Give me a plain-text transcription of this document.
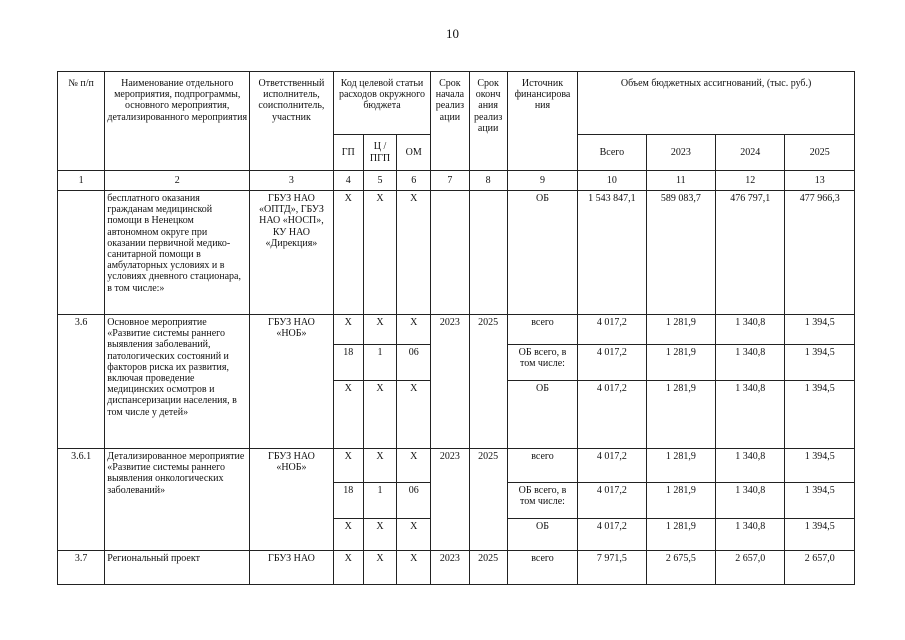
10
№ п/п	Наименование отдельного мероприятия, подпрограммы, основного мероприятия, детализированного мероприятия	Ответственный исполнитель, соисполнитель, участник	Код целевой статьи расходов окружного бюджета			Срок начала реализ ации	Срок оконч ания реализ ации	Источник финансирова ния	Объем бюджетных ассигнований, (тыс. руб.)			
			ГП	Ц / ПГП	ОМ				Всего	2023	2024	2025
1	2	3	4	5	6	7	8	9	10	11	12	13
	бесплатного оказания гражданам медицинской помощи в Ненецком автономном округе при оказании первичной медико-санитарной помощи в амбулаторных условиях и в условиях дневного стационара, в том числе:»	ГБУЗ НАО «ОПТД», ГБУЗ НАО «НОСП», КУ НАО «Дирекция»	Х	Х	Х			ОБ	1 543 847,1	589 083,7	476 797,1	477 966,3
3.6	Основное мероприятие «Развитие системы раннего выявления заболеваний, патологических состояний и факторов риска их развития, включая проведение медицинских осмотров и диспансеризации населения, в том числе у детей»	ГБУЗ НАО «НОБ»	Х	Х	Х	2023	2025	всего	4 017,2	1 281,9	1 340,8	1 394,5
			18	1	06			ОБ всего, в том числе:	4 017,2	1 281,9	1 340,8	1 394,5
			Х	Х	Х			ОБ	4 017,2	1 281,9	1 340,8	1 394,5
3.6.1	Детализированное мероприятие «Развитие системы раннего выявления онкологических заболеваний»	ГБУЗ НАО «НОБ»	Х	Х	Х	2023	2025	всего	4 017,2	1 281,9	1 340,8	1 394,5
			18	1	06			ОБ всего, в том числе:	4 017,2	1 281,9	1 340,8	1 394,5
			Х	Х	Х			ОБ	4 017,2	1 281,9	1 340,8	1 394,5
3.7	Региональный проект	ГБУЗ НАО	Х	Х	Х	2023	2025	всего	7 971,5	2 675,5	2 657,0	2 657,0
